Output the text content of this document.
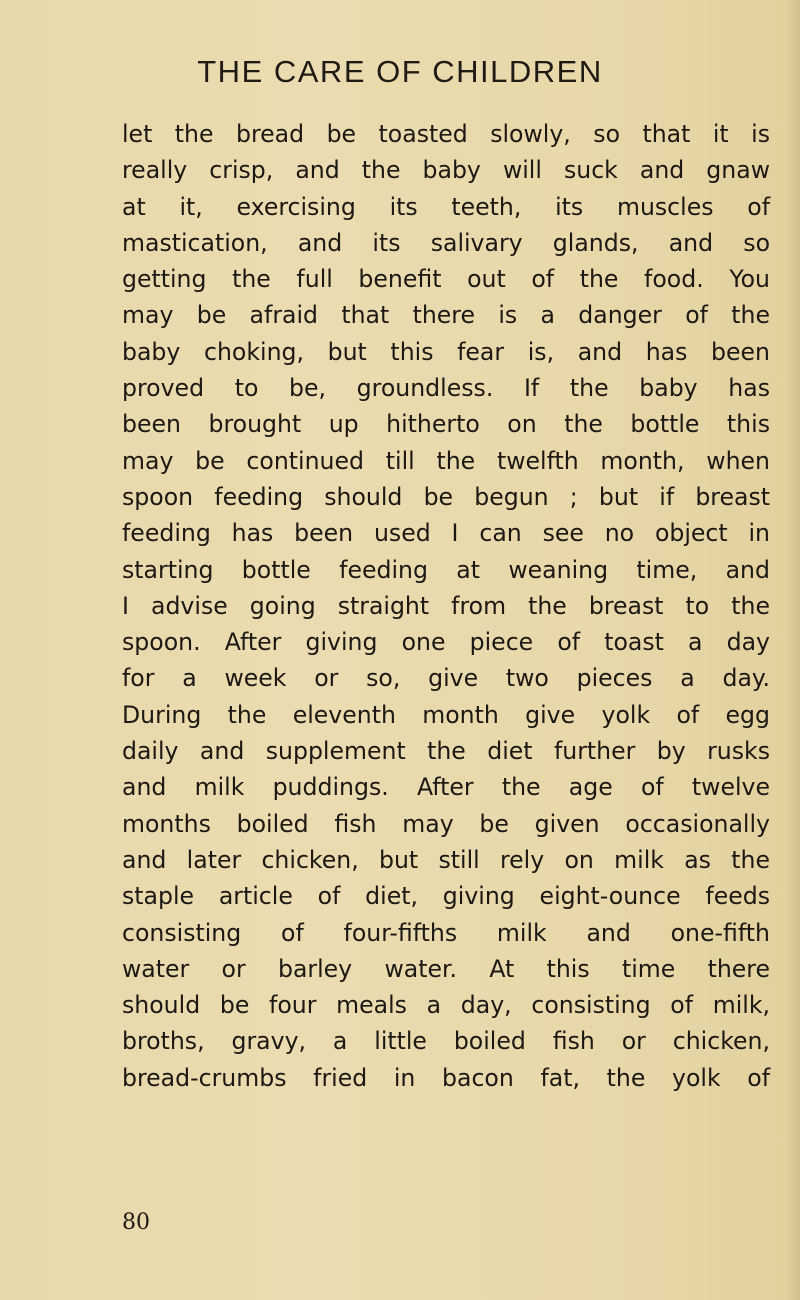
THE CARE OF CHILDREN
let the bread be toasted slowly, so that it is
really crisp, and the baby will suck and gnaw
at it, exercising its teeth, its muscles of
mastication, and its salivary glands, and so
getting the full benefit out of the food. You
may be afraid that there is a danger of the
baby choking, but this fear is, and has been
proved to be, groundless. If the baby has
been brought up hitherto on the bottle this
may be continued till the twelfth month, when
spoon feeding should be begun ; but if breast
feeding has been used I can see no object in
starting bottle feeding at weaning time, and
I advise going straight from the breast to the
spoon. After giving one piece of toast a day
for a week or so, give two pieces a day.
During the eleventh month give yolk of egg
daily and supplement the diet further by rusks
and milk puddings. After the age of twelve
months boiled fish may be given occasionally
and later chicken, but still rely on milk as the
staple article of diet, giving eight-ounce feeds
consisting of four-fifths milk and one-fifth
water or barley water. At this time there
should be four meals a day, consisting of milk,
broths, gravy, a little boiled fish or chicken,
bread-crumbs fried in bacon fat, the yolk of
80
